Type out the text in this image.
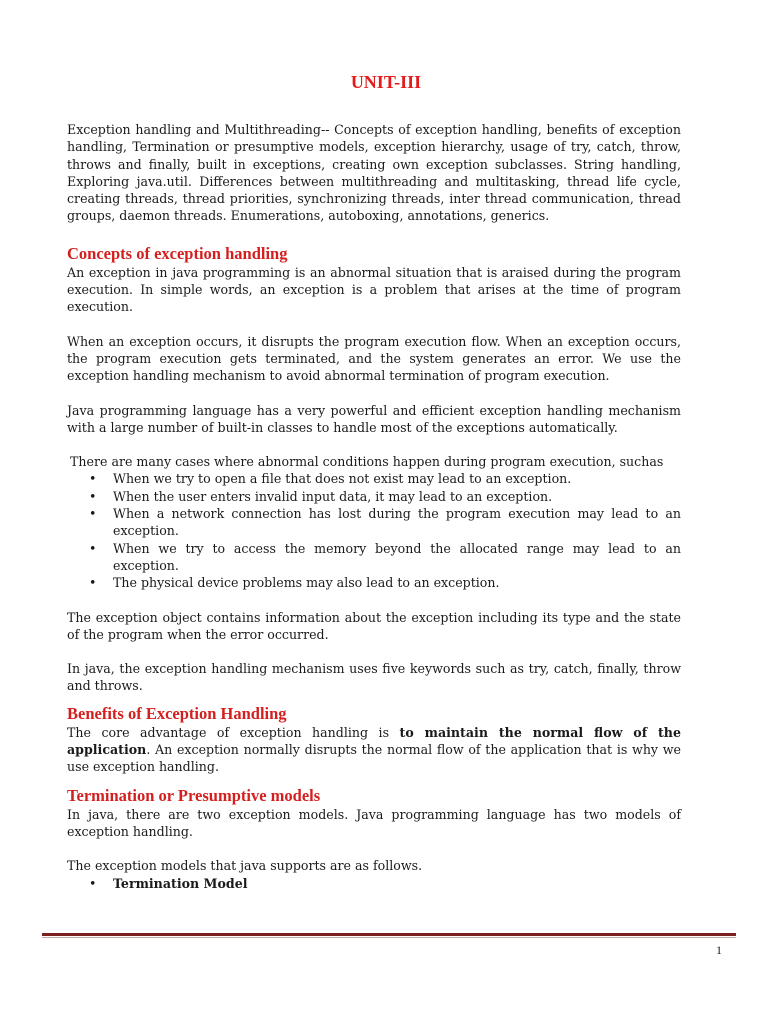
UNIT-III

Exception handling and Multithreading-- Concepts of exception handling, benefits of exception handling, Termination or presumptive models, exception hierarchy, usage of try, catch, throw, throws and finally, built in exceptions, creating own exception subclasses. String handling, Exploring java.util. Differences between multithreading and multitasking, thread life cycle, creating threads, thread priorities, synchronizing threads, inter thread communication, thread groups, daemon threads. Enumerations, autoboxing, annotations, generics.

Concepts of exception handling

An exception in java programming is an abnormal situation that is araised during the program execution. In simple words, an exception is a problem that arises at the time of program execution.

When an exception occurs, it disrupts the program execution flow. When an exception occurs, the program execution gets terminated, and the system generates an error. We use the exception handling mechanism to avoid abnormal termination of program execution.

Java programming language has a very powerful and efficient exception handling mechanism with a large number of built-in classes to handle most of the exceptions automatically.

There are many cases where abnormal conditions happen during program execution, suchas

• When we try to open a file that does not exist may lead to an exception.
• When the user enters invalid input data, it may lead to an exception.
• When a network connection has lost during the program execution may lead to an exception.
• When we try to access the memory beyond the allocated range may lead to an exception.
• The physical device problems may also lead to an exception.

The exception object contains information about the exception including its type and the state of the program when the error occurred.

In java, the exception handling mechanism uses five keywords such as try, catch, finally, throw and throws.

Benefits of Exception Handling

The core advantage of exception handling is to maintain the normal flow of the application. An exception normally disrupts the normal flow of the application that is why we use exception handling.

Termination or Presumptive models

In java, there are two exception models. Java programming language has two models of exception handling.

The exception models that java supports are as follows.

• Termination Model
1
